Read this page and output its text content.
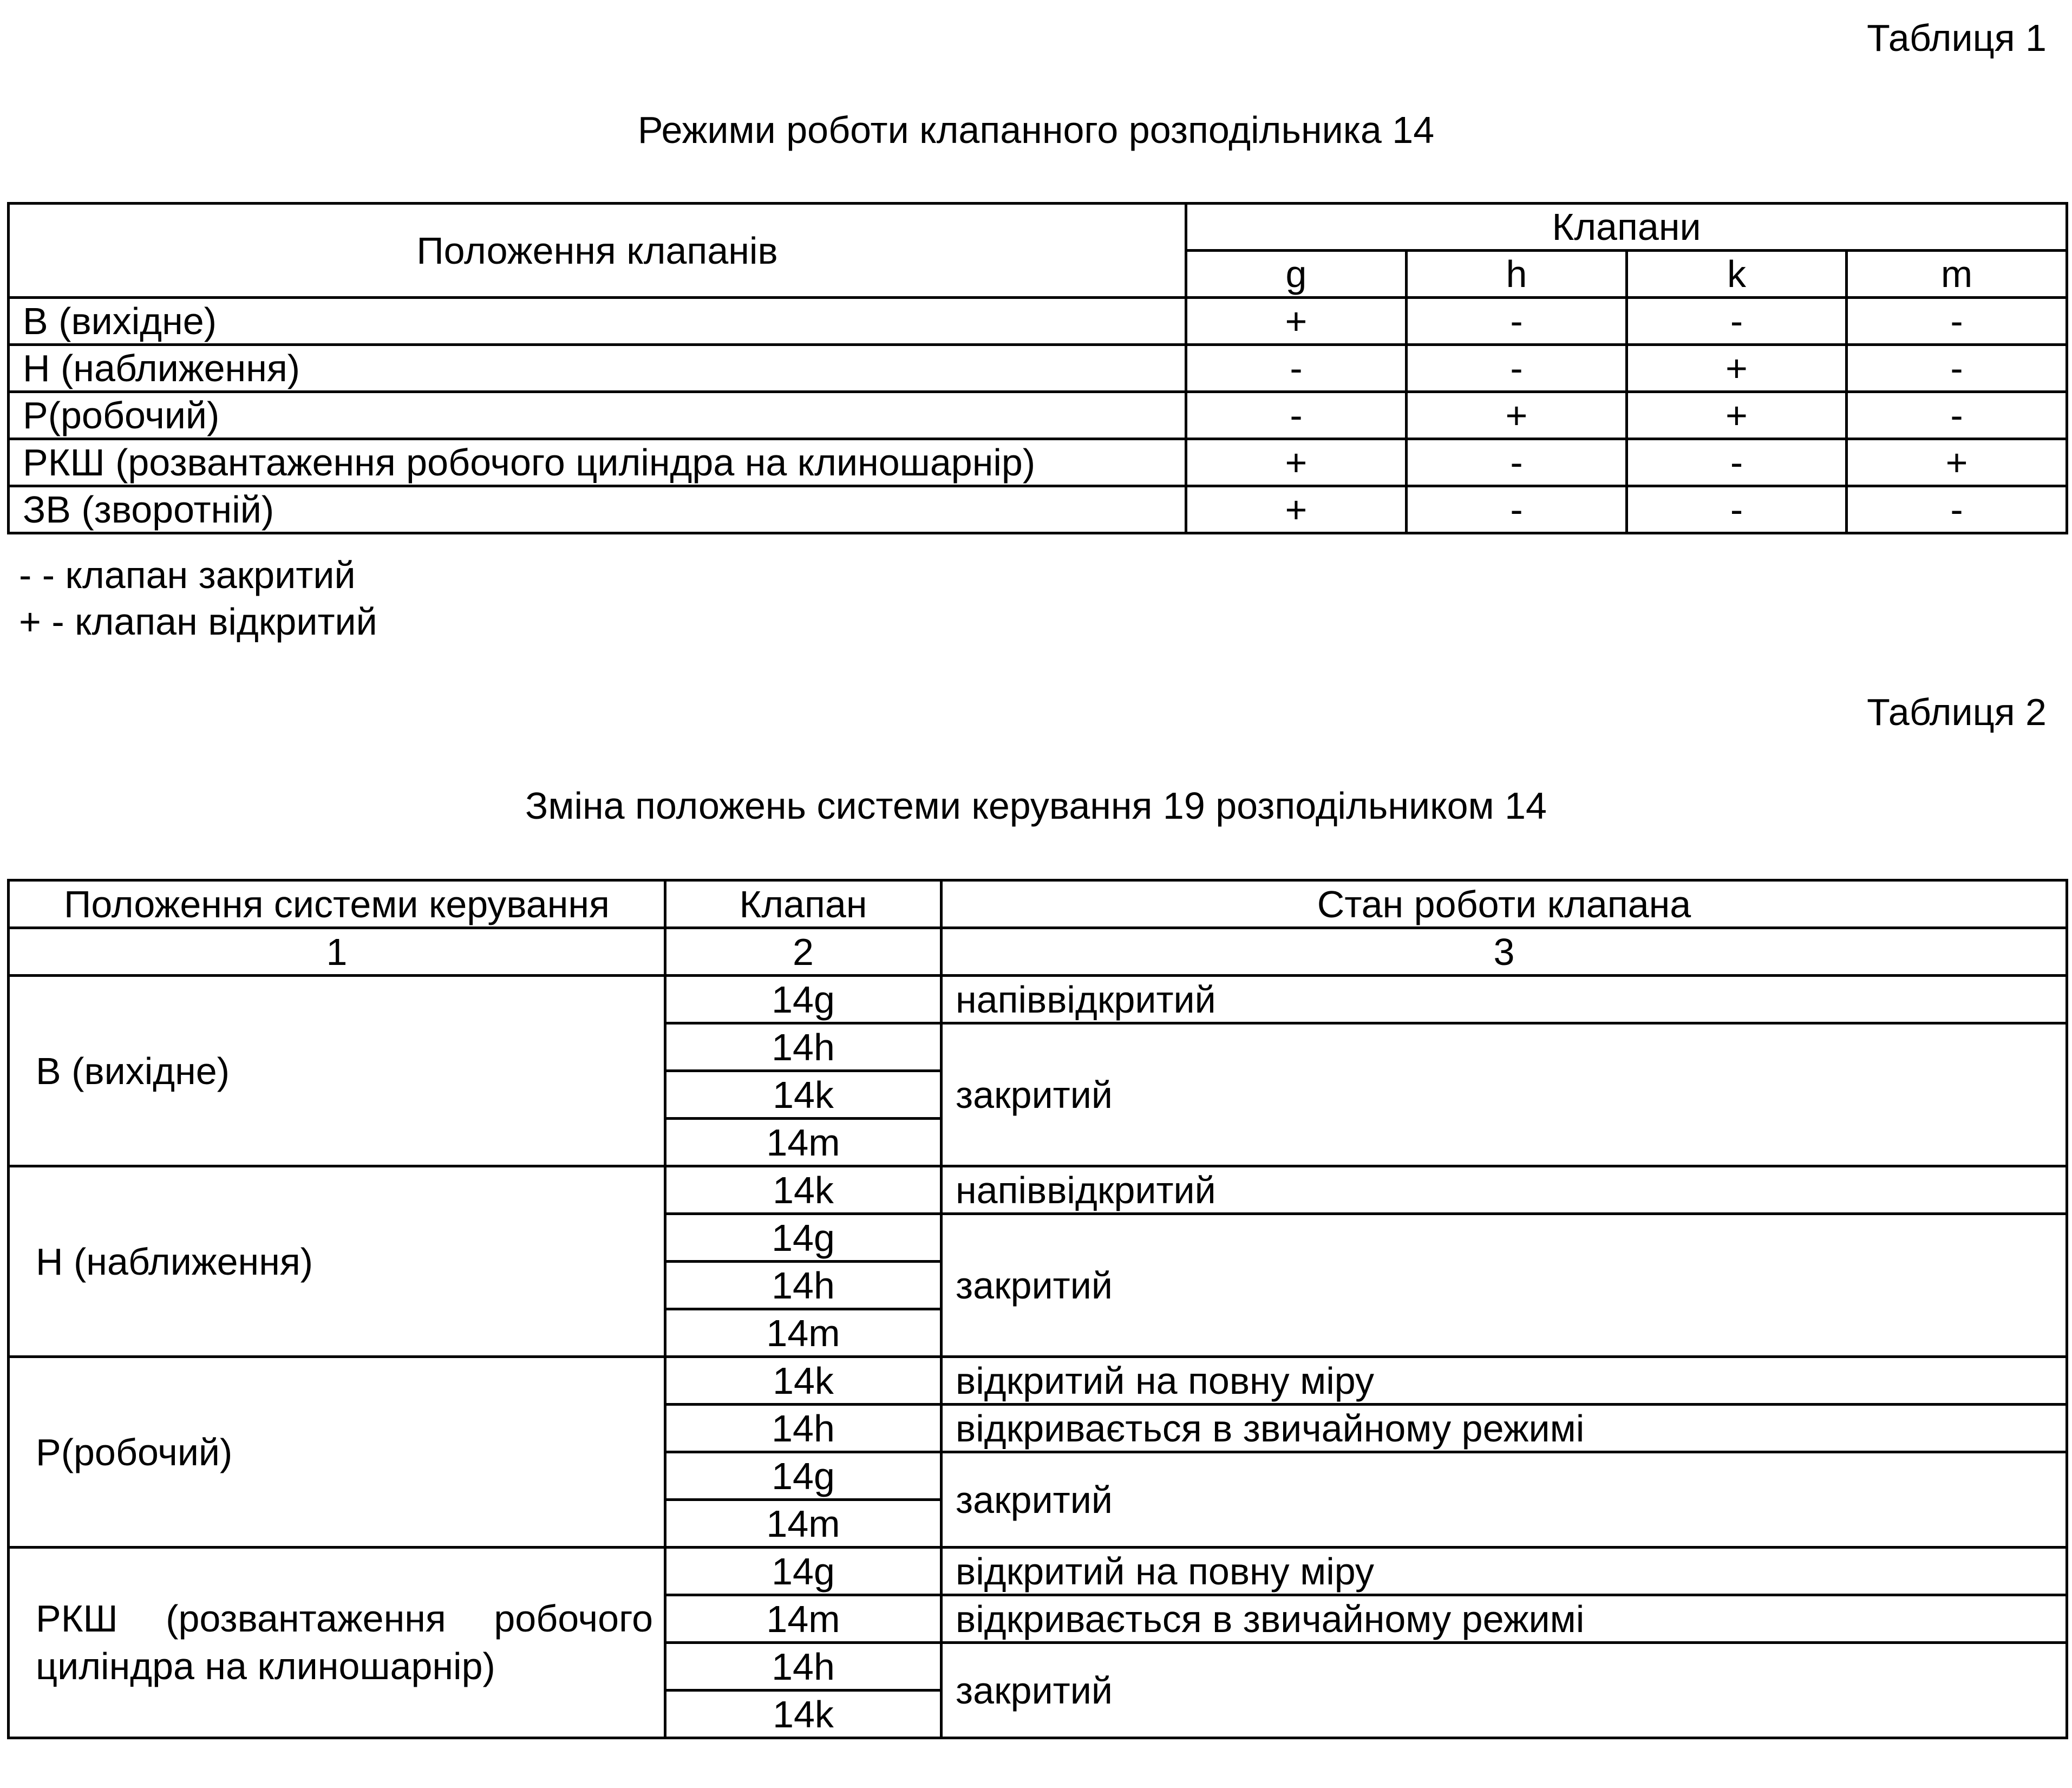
Таблиця 1
Режими роботи клапанного розподільника 14
Положення клапанів	Клапани			
	g	h	k	m
В (вихідне)	+	-	-	-
Н (наближення)	-	-	+	-
Р(робочий)	-	+	+	-
РКШ (розвантаження робочого циліндра на клиношарнір)	+	-	-	+
ЗВ (зворотній)	+	-	-	-
- - клапан закритий
+ - клапан відкритий
Таблиця 2
Зміна положень системи керування 19 розподільником 14
Положення системи керування	Клапан	Стан роботи клапана
1	2	3
В (вихідне)	14g	напіввідкритий
	14h	закритий
	14k	
	14m	
Н (наближення)	14k	напіввідкритий
	14g	закритий
	14h	
	14m	
Р(робочий)	14k	відкритий на повну міру
	14h	відкривається в звичайному режимі
	14g	закритий
	14m	

РКШ (розвантаження робочого
циліндра на клиношарнір)	14g	відкритий на повну міру
	14m	відкривається в звичайному режимі
	14h	закритий
	14k	
